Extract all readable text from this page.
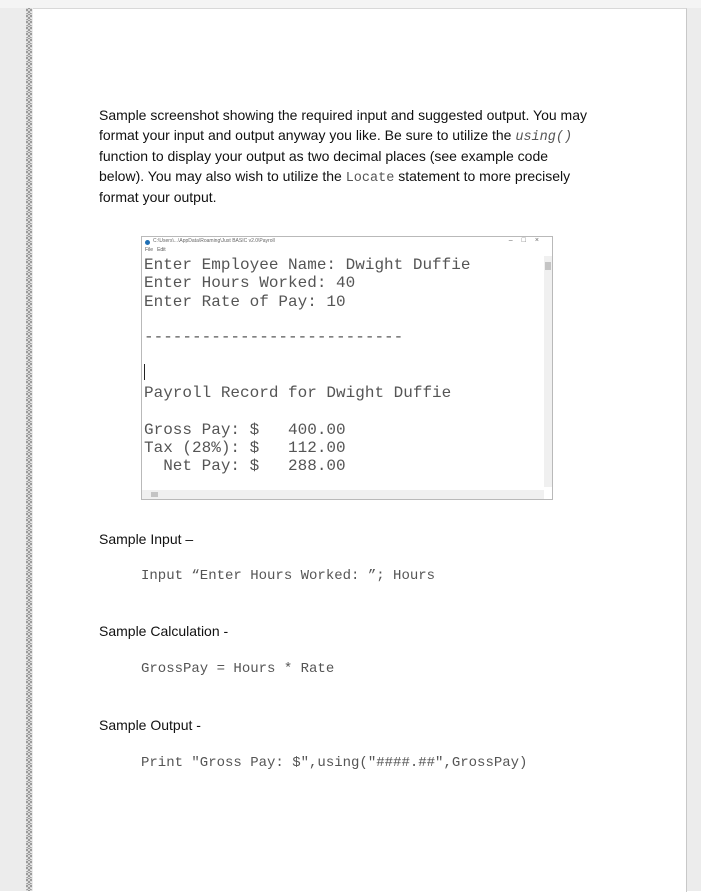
Sample screenshot showing the required input and suggested output. You may format your input and output anyway you like. Be sure to utilize the using() function to display your output as two decimal places (see example code below). You may also wish to utilize the Locate statement to more precisely format your output.
C:\Users\...\AppData\Roaming\Just BASIC v2.0\Payroll	–□×
File Edit
Enter Employee Name: Dwight Duffie
Enter Hours Worked: 40
Enter Rate of Pay: 10
---------------------------
Payroll Record for Dwight Duffie
Gross Pay: $   400.00
Tax (28%): $   112.00
Net Pay: $   288.00
Sample Input –
Input “Enter Hours Worked: ”; Hours
Sample Calculation -
GrossPay = Hours * Rate
Sample Output -
Print "Gross Pay: $",using("####.##",GrossPay)
